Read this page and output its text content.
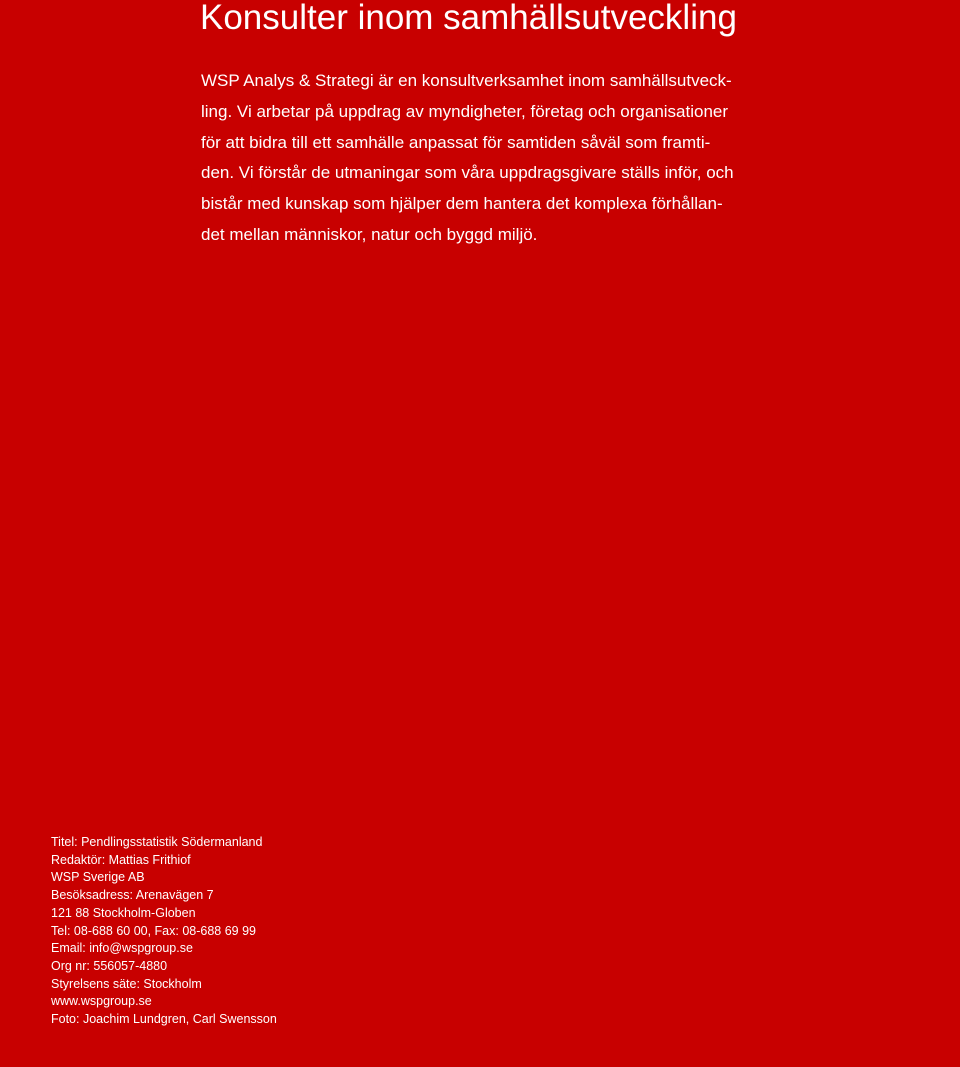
Konsulter inom samhällsutveckling

WSP Analys & Strategi är en konsultverksamhet inom samhällsutveck-
ling. Vi arbetar på uppdrag av myndigheter, företag och organisationer
för att bidra till ett samhälle anpassat för samtiden såväl som framti-
den. Vi förstår de utmaningar som våra uppdragsgivare ställs inför, och
bistår med kunskap som hjälper dem hantera det komplexa förhållan-
det mellan människor, natur och byggd miljö.

Titel: Pendlingsstatistik Södermanland
Redaktör: Mattias Frithiof
WSP Sverige AB
Besöksadress: Arenavägen 7
121 88 Stockholm-Globen
Tel: 08-688 60 00, Fax: 08-688 69 99
Email: info@wspgroup.se
Org nr: 556057-4880
Styrelsens säte: Stockholm
www.wspgroup.se
Foto: Joachim Lundgren, Carl Swensson
